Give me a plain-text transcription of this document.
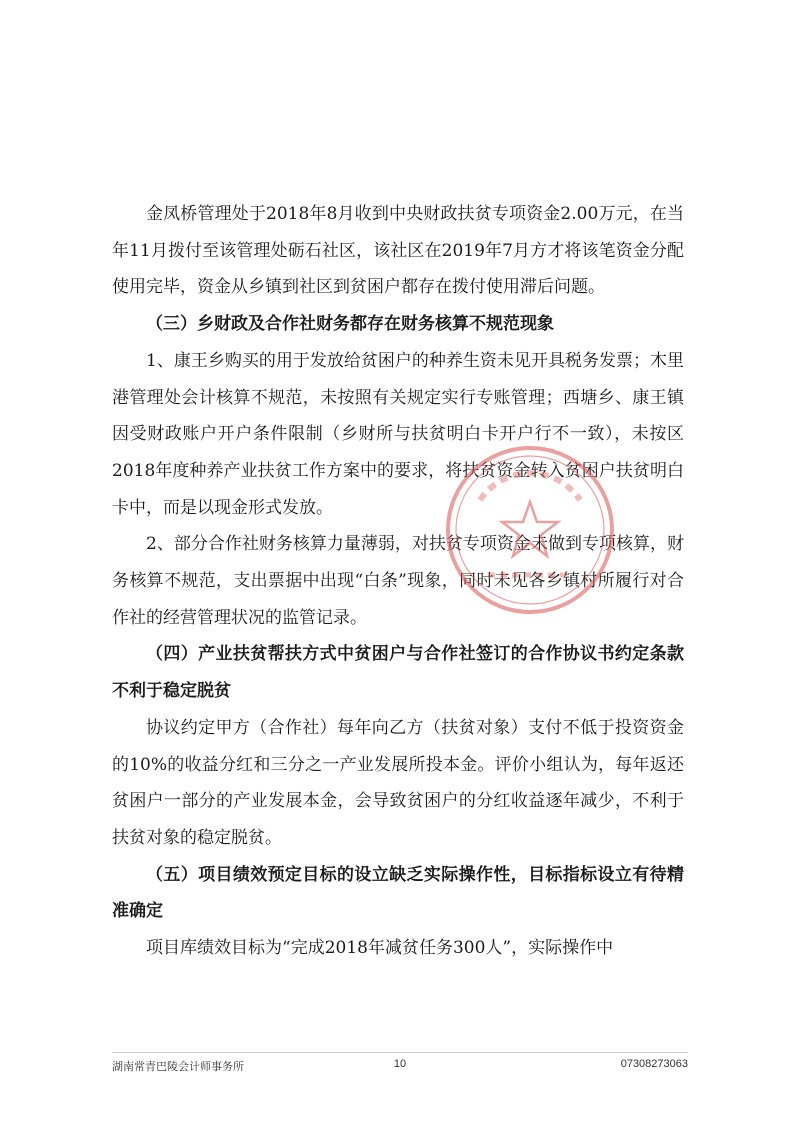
金凤桥管理处于2018年8月收到中央财政扶贫专项资金2.00万元，在当年11月拨付至该管理处砺石社区，该社区在2019年7月方才将该笔资金分配使用完毕，资金从乡镇到社区到贫困户都存在拨付使用滞后问题。

（三）乡财政及合作社财务都存在财务核算不规范现象

1、康王乡购买的用于发放给贫困户的种养生资未见开具税务发票；木里港管理处会计核算不规范，未按照有关规定实行专账管理；西塘乡、康王镇因受财政账户开户条件限制（乡财所与扶贫明白卡开户行不一致），未按区2018年度种养产业扶贫工作方案中的要求，将扶贫资金转入贫困户扶贫明白卡中，而是以现金形式发放。

2、部分合作社财务核算力量薄弱，对扶贫专项资金未做到专项核算，财务核算不规范，支出票据中出现“白条”现象，同时未见各乡镇村所履行对合作社的经营管理状况的监管记录。

（四）产业扶贫帮扶方式中贫困户与合作社签订的合作协议书约定条款不利于稳定脱贫

协议约定甲方（合作社）每年向乙方（扶贫对象）支付不低于投资资金的10%的收益分红和三分之一产业发展所投本金。评价小组认为，每年返还贫困户一部分的产业发展本金，会导致贫困户的分红收益逐年减少，不利于扶贫对象的稳定脱贫。

（五）项目绩效预定目标的设立缺乏实际操作性，目标指标设立有待精准确定

项目库绩效目标为“完成2018年减贫任务300人”，实际操作中

湖南常青巴陵会计师事务所	10	07308273063
